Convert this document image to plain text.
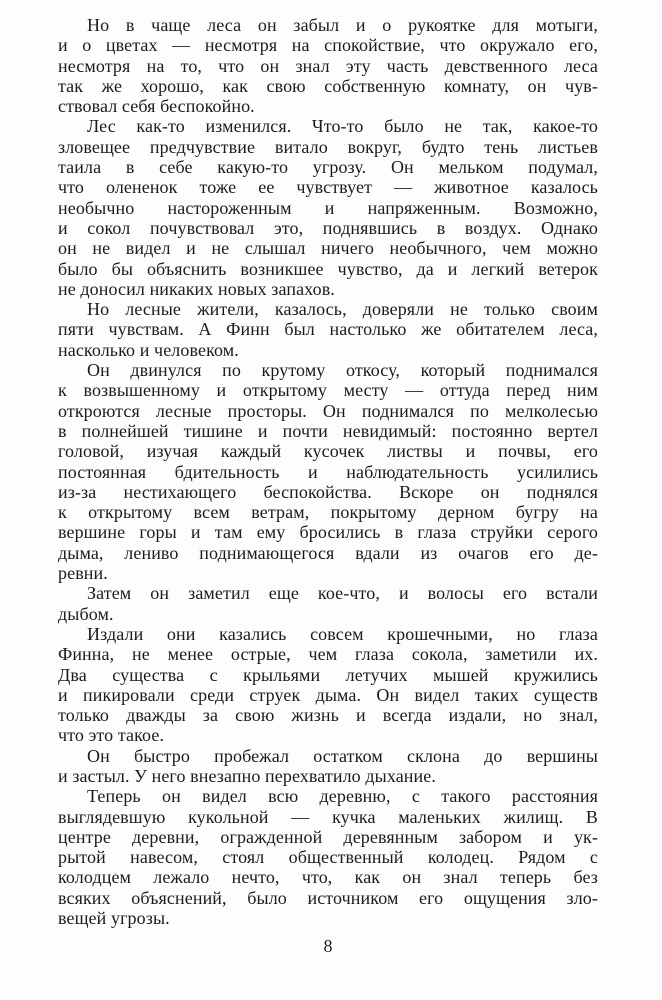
Но в чаще леса он забыл и о рукоятке для мотыги,
и о цветах — несмотря на спокойствие, что окружало его,
несмотря на то, что он знал эту часть девственного леса
так же хорошо, как свою собственную комнату, он чув-
ствовал себя беспокойно.

Лес как-то изменился. Что-то было не так, какое-то
зловещее предчувствие витало вокруг, будто тень листьев
таила в себе какую-то угрозу. Он мельком подумал,
что олененок тоже ее чувствует — животное казалось
необычно настороженным и напряженным. Возможно,
и сокол почувствовал это, поднявшись в воздух. Однако
он не видел и не слышал ничего необычного, чем можно
было бы объяснить возникшее чувство, да и легкий ветерок
не доносил никаких новых запахов.

Но лесные жители, казалось, доверяли не только своим
пяти чувствам. А Финн был настолько же обитателем леса,
насколько и человеком.

Он двинулся по крутому откосу, который поднимался
к возвышенному и открытому месту — оттуда перед ним
откроются лесные просторы. Он поднимался по мелколесью
в полнейшей тишине и почти невидимый: постоянно вертел
головой, изучая каждый кусочек листвы и почвы, его
постоянная бдительность и наблюдательность усилились
из-за нестихающего беспокойства. Вскоре он поднялся
к открытому всем ветрам, покрытому дерном бугру на
вершине горы и там ему бросились в глаза струйки серого
дыма, лениво поднимающегося вдали из очагов его де-
ревни.

Затем он заметил еще кое-что, и волосы его встали
дыбом.

Издали они казались совсем крошечными, но глаза
Финна, не менее острые, чем глаза сокола, заметили их.
Два существа с крыльями летучих мышей кружились
и пикировали среди струек дыма. Он видел таких существ
только дважды за свою жизнь и всегда издали, но знал,
что это такое.

Он быстро пробежал остатком склона до вершины
и застыл. У него внезапно перехватило дыхание.

Теперь он видел всю деревню, с такого расстояния
выглядевшую кукольной — кучка маленьких жилищ. В
центре деревни, огражденной деревянным забором и ук-
рытой навесом, стоял общественный колодец. Рядом с
колодцем лежало нечто, что, как он знал теперь без
всяких объяснений, было источником его ощущения зло-
вещей угрозы.

8
